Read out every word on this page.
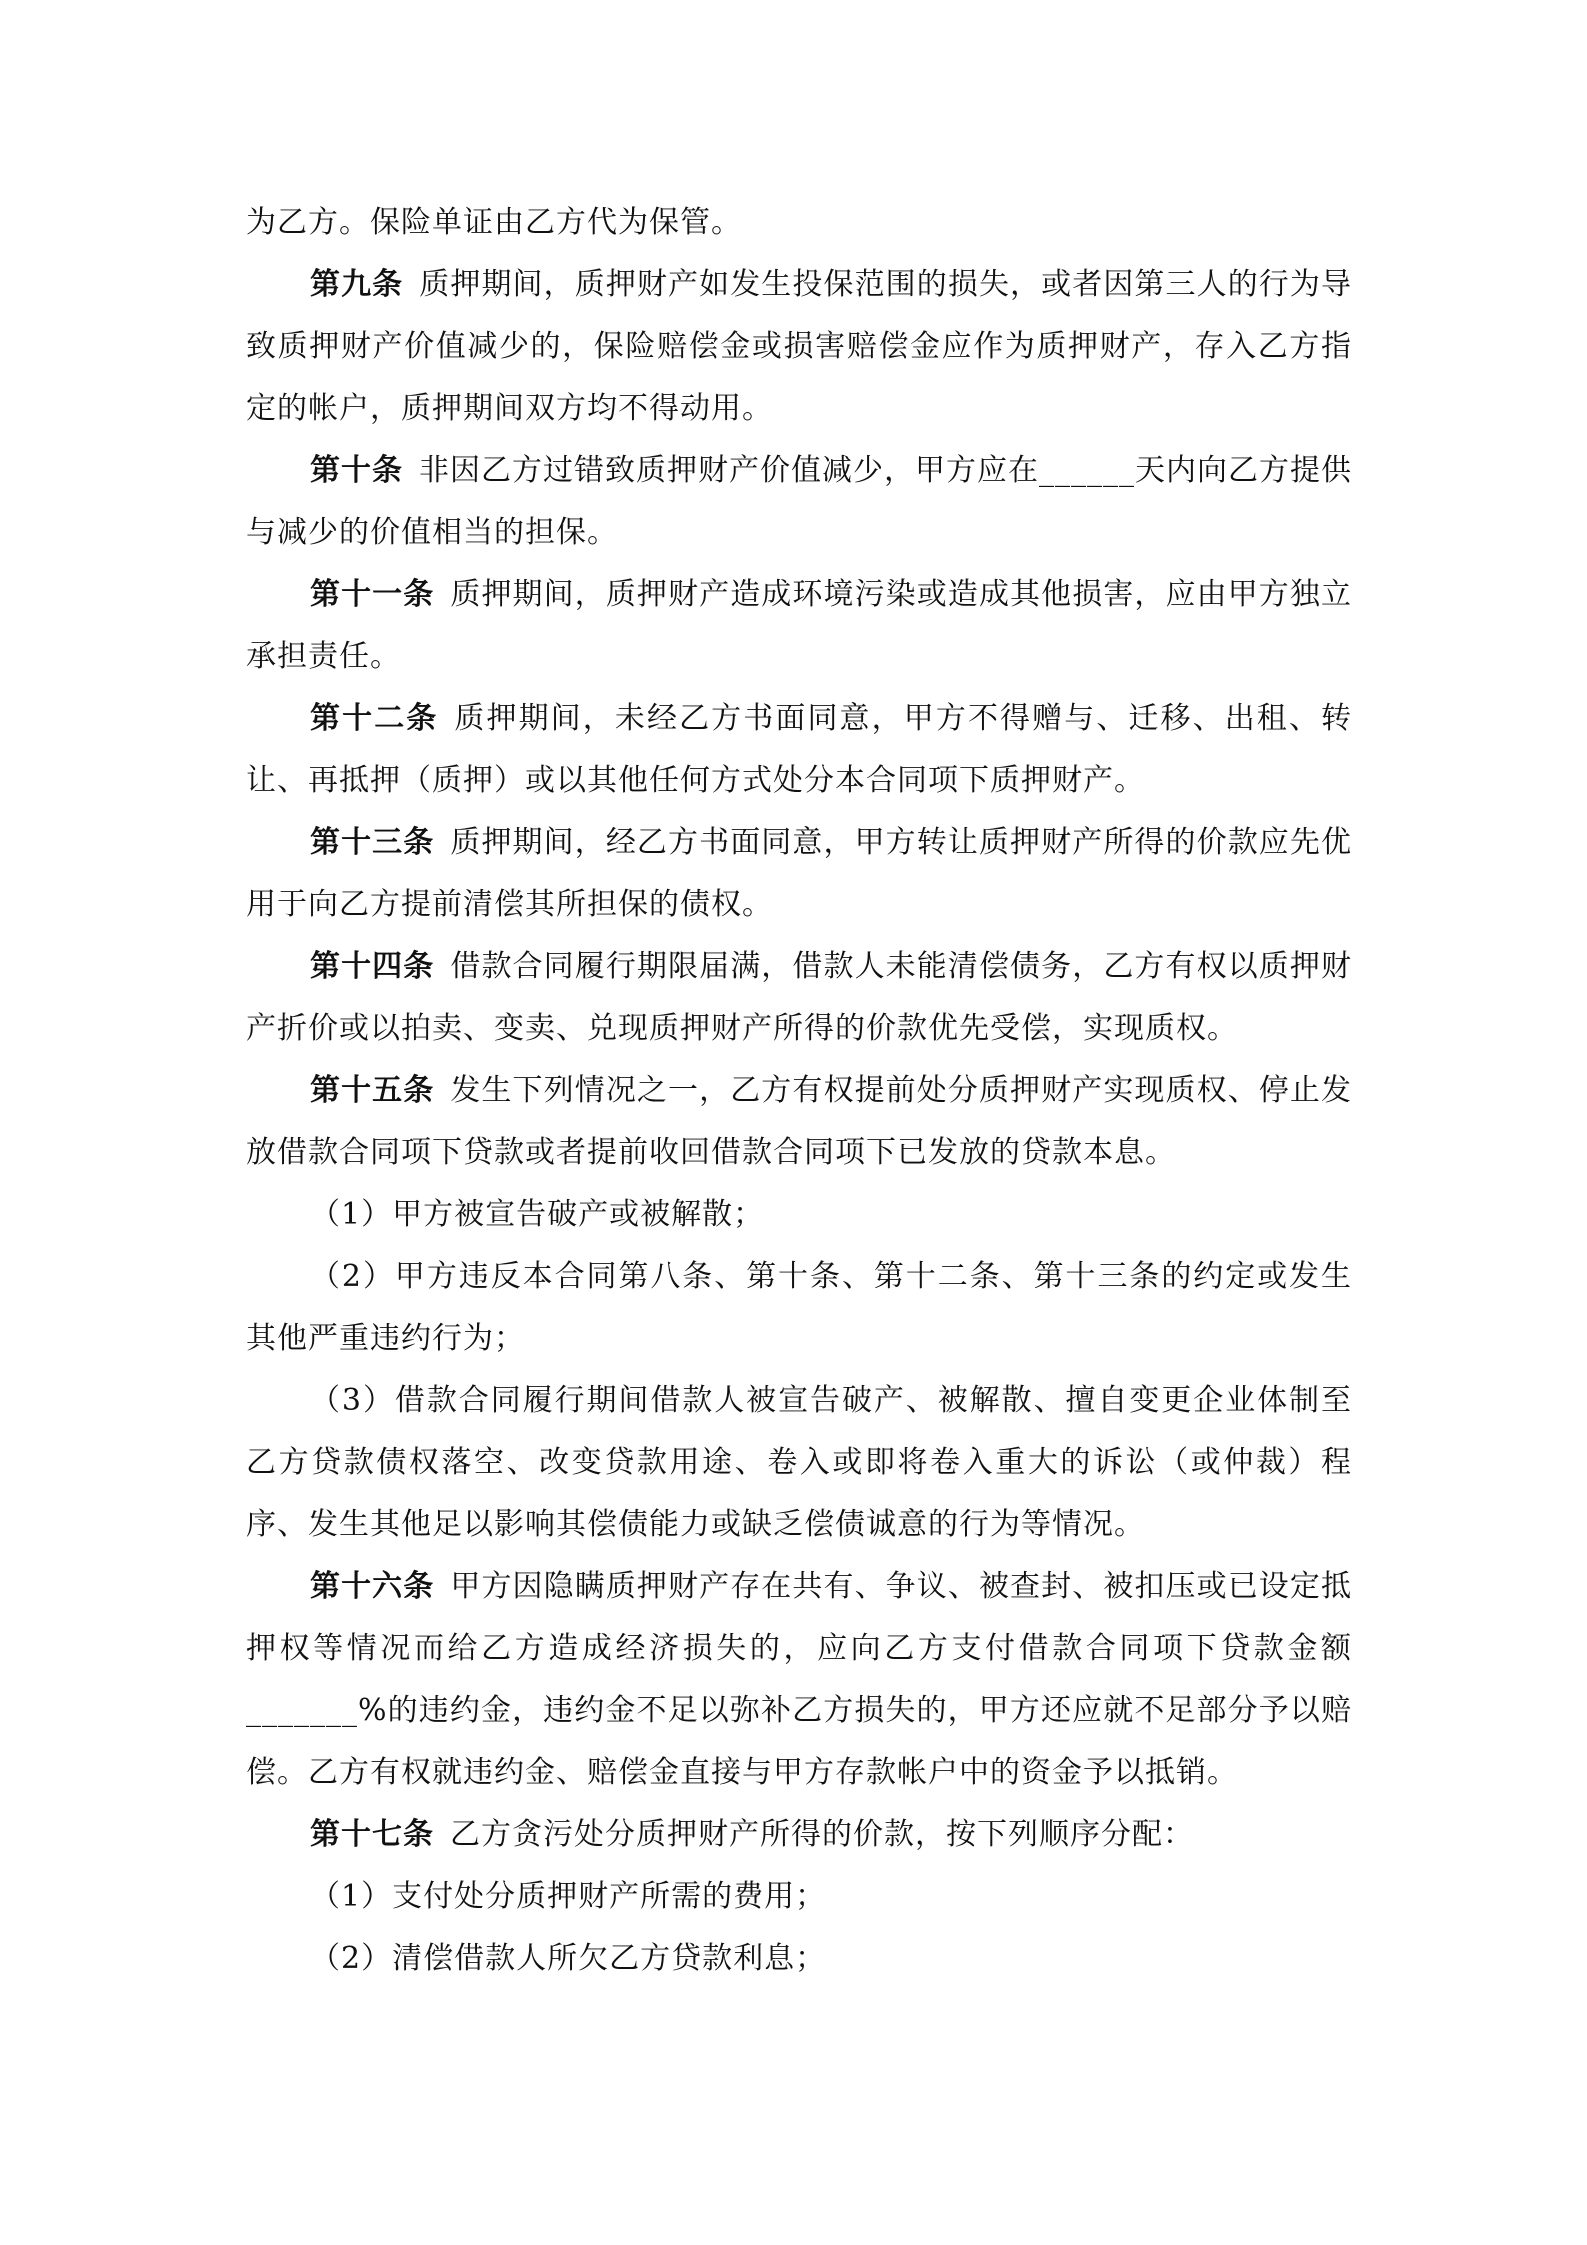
为乙方。保险单证由乙方代为保管。

第九条 质押期间，质押财产如发生投保范围的损失，或者因第三人的行为导致质押财产价值减少的，保险赔偿金或损害赔偿金应作为质押财产，存入乙方指定的帐户，质押期间双方均不得动用。

第十条 非因乙方过错致质押财产价值减少，甲方应在______天内向乙方提供与减少的价值相当的担保。

第十一条 质押期间，质押财产造成环境污染或造成其他损害，应由甲方独立承担责任。

第十二条 质押期间，未经乙方书面同意，甲方不得赠与、迁移、出租、转让、再抵押（质押）或以其他任何方式处分本合同项下质押财产。

第十三条 质押期间，经乙方书面同意，甲方转让质押财产所得的价款应先优用于向乙方提前清偿其所担保的债权。

第十四条 借款合同履行期限届满，借款人未能清偿债务，乙方有权以质押财产折价或以拍卖、变卖、兑现质押财产所得的价款优先受偿，实现质权。

第十五条 发生下列情况之一，乙方有权提前处分质押财产实现质权、停止发放借款合同项下贷款或者提前收回借款合同项下已发放的贷款本息。

（1）甲方被宣告破产或被解散；

（2）甲方违反本合同第八条、第十条、第十二条、第十三条的约定或发生其他严重违约行为；

（3）借款合同履行期间借款人被宣告破产、被解散、擅自变更企业体制至乙方贷款债权落空、改变贷款用途、卷入或即将卷入重大的诉讼（或仲裁）程序、发生其他足以影响其偿债能力或缺乏偿债诚意的行为等情况。

第十六条 甲方因隐瞒质押财产存在共有、争议、被查封、被扣压或已设定抵押权等情况而给乙方造成经济损失的，应向乙方支付借款合同项下贷款金额_______%的违约金，违约金不足以弥补乙方损失的，甲方还应就不足部分予以赔偿。乙方有权就违约金、赔偿金直接与甲方存款帐户中的资金予以抵销。

第十七条 乙方贪污处分质押财产所得的价款，按下列顺序分配：

（1）支付处分质押财产所需的费用；

（2）清偿借款人所欠乙方贷款利息；
